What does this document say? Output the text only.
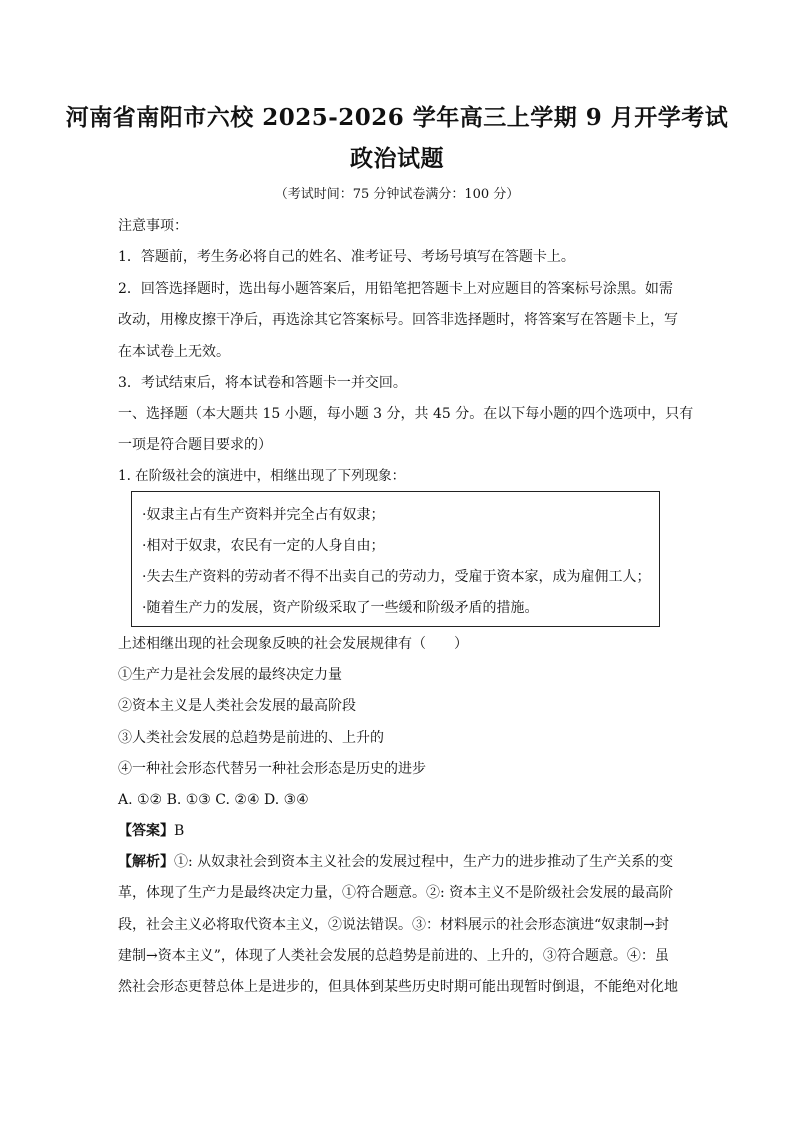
河南省南阳市六校 2025-2026 学年高三上学期 9 月开学考试
政治试题
（考试时间：75 分钟试卷满分：100 分）
注意事项：
1．答题前，考生务必将自己的姓名、准考证号、考场号填写在答题卡上。
2．回答选择题时，选出每小题答案后，用铅笔把答题卡上对应题目的答案标号涂黑。如需
改动，用橡皮擦干净后，再选涂其它答案标号。回答非选择题时，将答案写在答题卡上，写
在本试卷上无效。
3．考试结束后，将本试卷和答题卡一并交回。
一、选择题（本大题共 15 小题，每小题 3 分，共 45 分。在以下每小题的四个选项中，只有
一项是符合题目要求的）
1. 在阶级社会的演进中，相继出现了下列现象：
·奴隶主占有生产资料并完全占有奴隶；
·相对于奴隶，农民有一定的人身自由；
·失去生产资料的劳动者不得不出卖自己的劳动力，受雇于资本家，成为雇佣工人；
·随着生产力的发展，资产阶级采取了一些缓和阶级矛盾的措施。
上述相继出现的社会现象反映的社会发展规律有（　　）
①生产力是社会发展的最终决定力量
②资本主义是人类社会发展的最高阶段
③人类社会发展的总趋势是前进的、上升的
④一种社会形态代替另一种社会形态是历史的进步
A. ①② B. ①③ C. ②④ D. ③④
【答案】B
【解析】①: 从奴隶社会到资本主义社会的发展过程中，生产力的进步推动了生产关系的变
革，体现了生产力是最终决定力量，①符合题意。②: 资本主义不是阶级社会发展的最高阶
段，社会主义必将取代资本主义，②说法错误。③：材料展示的社会形态演进“奴隶制→封
建制→资本主义”，体现了人类社会发展的总趋势是前进的、上升的，③符合题意。④：虽
然社会形态更替总体上是进步的，但具体到某些历史时期可能出现暂时倒退，不能绝对化地
